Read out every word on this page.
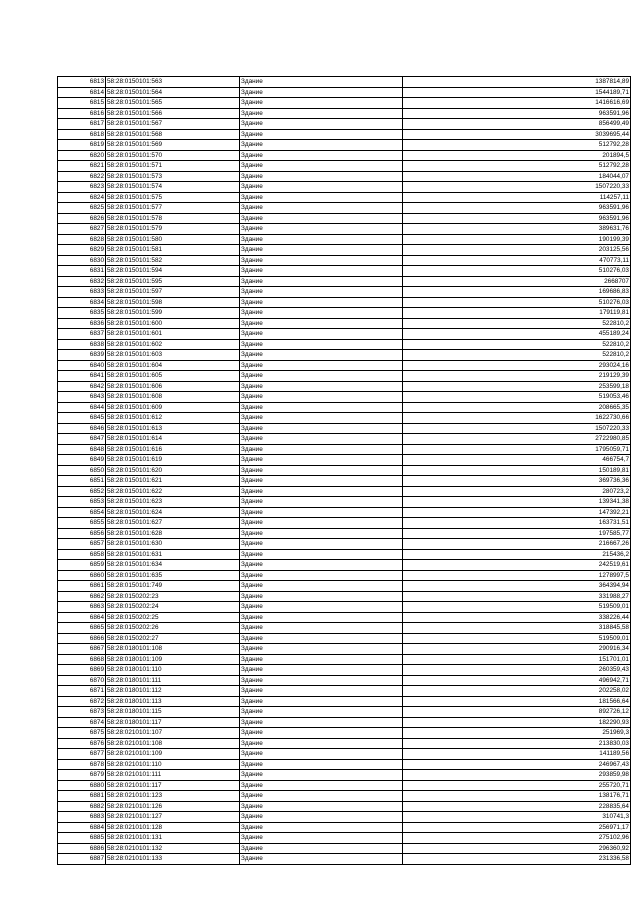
6813	58:28:0150101:563	Здание	1387814,89
6814	58:28:0150101:564	Здание	1544189,71
6815	58:28:0150101:565	Здание	1416616,69
6816	58:28:0150101:566	Здание	963591,96
6817	58:28:0150101:567	Здание	856499,49
6818	58:28:0150101:568	Здание	3039695,44
6819	58:28:0150101:569	Здание	512792,28
6820	58:28:0150101:570	Здание	201894,5
6821	58:28:0150101:571	Здание	512792,28
6822	58:28:0150101:573	Здание	184044,07
6823	58:28:0150101:574	Здание	1507220,33
6824	58:28:0150101:575	Здание	114257,11
6825	58:28:0150101:577	Здание	963591,96
6826	58:28:0150101:578	Здание	963591,96
6827	58:28:0150101:579	Здание	389631,76
6828	58:28:0150101:580	Здание	190199,39
6829	58:28:0150101:581	Здание	203125,56
6830	58:28:0150101:582	Здание	470773,11
6831	58:28:0150101:594	Здание	510276,03
6832	58:28:0150101:595	Здание	2668707
6833	58:28:0150101:597	Здание	169686,83
6834	58:28:0150101:598	Здание	510276,03
6835	58:28:0150101:599	Здание	179119,81
6836	58:28:0150101:600	Здание	522810,2
6837	58:28:0150101:601	Здание	455189,24
6838	58:28:0150101:602	Здание	522810,2
6839	58:28:0150101:603	Здание	522810,2
6840	58:28:0150101:604	Здание	293024,16
6841	58:28:0150101:605	Здание	219129,39
6842	58:28:0150101:606	Здание	253599,18
6843	58:28:0150101:608	Здание	519053,46
6844	58:28:0150101:609	Здание	208665,35
6845	58:28:0150101:612	Здание	1622730,66
6846	58:28:0150101:613	Здание	1507220,33
6847	58:28:0150101:614	Здание	2722980,85
6848	58:28:0150101:616	Здание	1795059,71
6849	58:28:0150101:619	Здание	466754,7
6850	58:28:0150101:620	Здание	150189,81
6851	58:28:0150101:621	Здание	369736,36
6852	58:28:0150101:622	Здание	280723,2
6853	58:28:0150101:623	Здание	139341,38
6854	58:28:0150101:624	Здание	147392,21
6855	58:28:0150101:627	Здание	163731,51
6856	58:28:0150101:628	Здание	197585,77
6857	58:28:0150101:630	Здание	216667,26
6858	58:28:0150101:631	Здание	215436,2
6859	58:28:0150101:634	Здание	242519,61
6860	58:28:0150101:635	Здание	1278997,5
6861	58:28:0150101:749	Здание	364394,94
6862	58:28:0150202:23	Здание	331988,27
6863	58:28:0150202:24	Здание	519509,01
6864	58:28:0150202:25	Здание	338226,44
6865	58:28:0150202:26	Здание	318845,58
6866	58:28:0150202:27	Здание	519509,01
6867	58:28:0180101:108	Здание	290916,34
6868	58:28:0180101:109	Здание	151701,01
6869	58:28:0180101:110	Здание	260359,43
6870	58:28:0180101:111	Здание	496942,71
6871	58:28:0180101:112	Здание	202258,02
6872	58:28:0180101:113	Здание	181566,64
6873	58:28:0180101:115	Здание	892726,12
6874	58:28:0180101:117	Здание	182290,93
6875	58:28:0210101:107	Здание	251969,3
6876	58:28:0210101:108	Здание	213830,03
6877	58:28:0210101:109	Здание	141189,56
6878	58:28:0210101:110	Здание	246967,43
6879	58:28:0210101:111	Здание	293859,98
6880	58:28:0210101:117	Здание	255720,71
6881	58:28:0210101:123	Здание	138176,71
6882	58:28:0210101:126	Здание	228835,64
6883	58:28:0210101:127	Здание	310741,3
6884	58:28:0210101:128	Здание	256971,17
6885	58:28:0210101:131	Здание	275102,96
6886	58:28:0210101:132	Здание	296360,92
6887	58:28:0210101:133	Здание	231336,58
